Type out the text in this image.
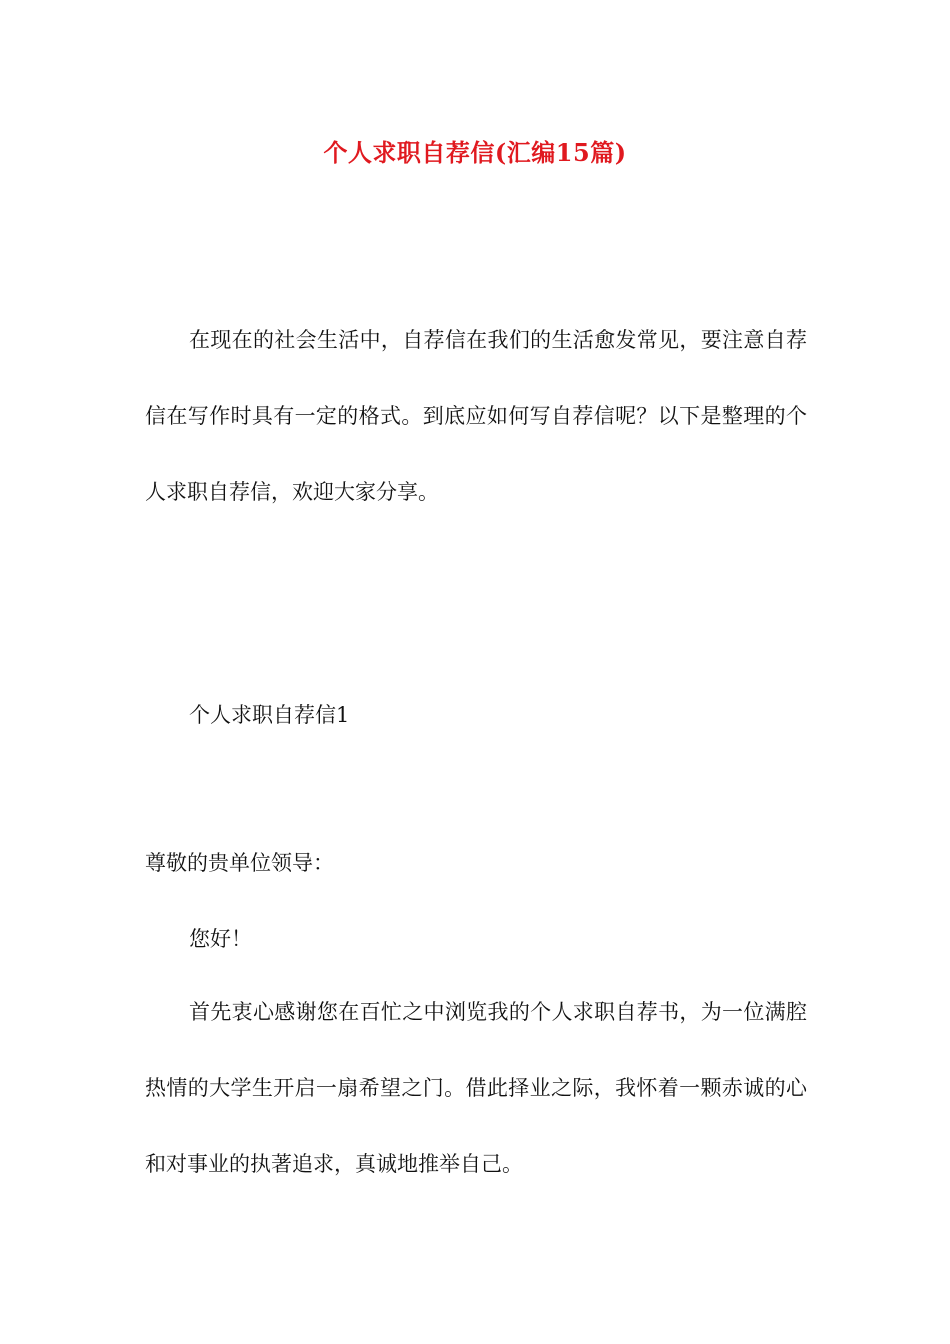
个人求职自荐信(汇编15篇)

在现在的社会生活中，自荐信在我们的生活愈发常见，要注意自荐信在写作时具有一定的格式。到底应如何写自荐信呢？以下是整理的个人求职自荐信，欢迎大家分享。

个人求职自荐信1
尊敬的贵单位领导：
您好！

首先衷心感谢您在百忙之中浏览我的个人求职自荐书，为一位满腔热情的大学生开启一扇希望之门。借此择业之际，我怀着一颗赤诚的心和对事业的执著追求，真诚地推举自己。
